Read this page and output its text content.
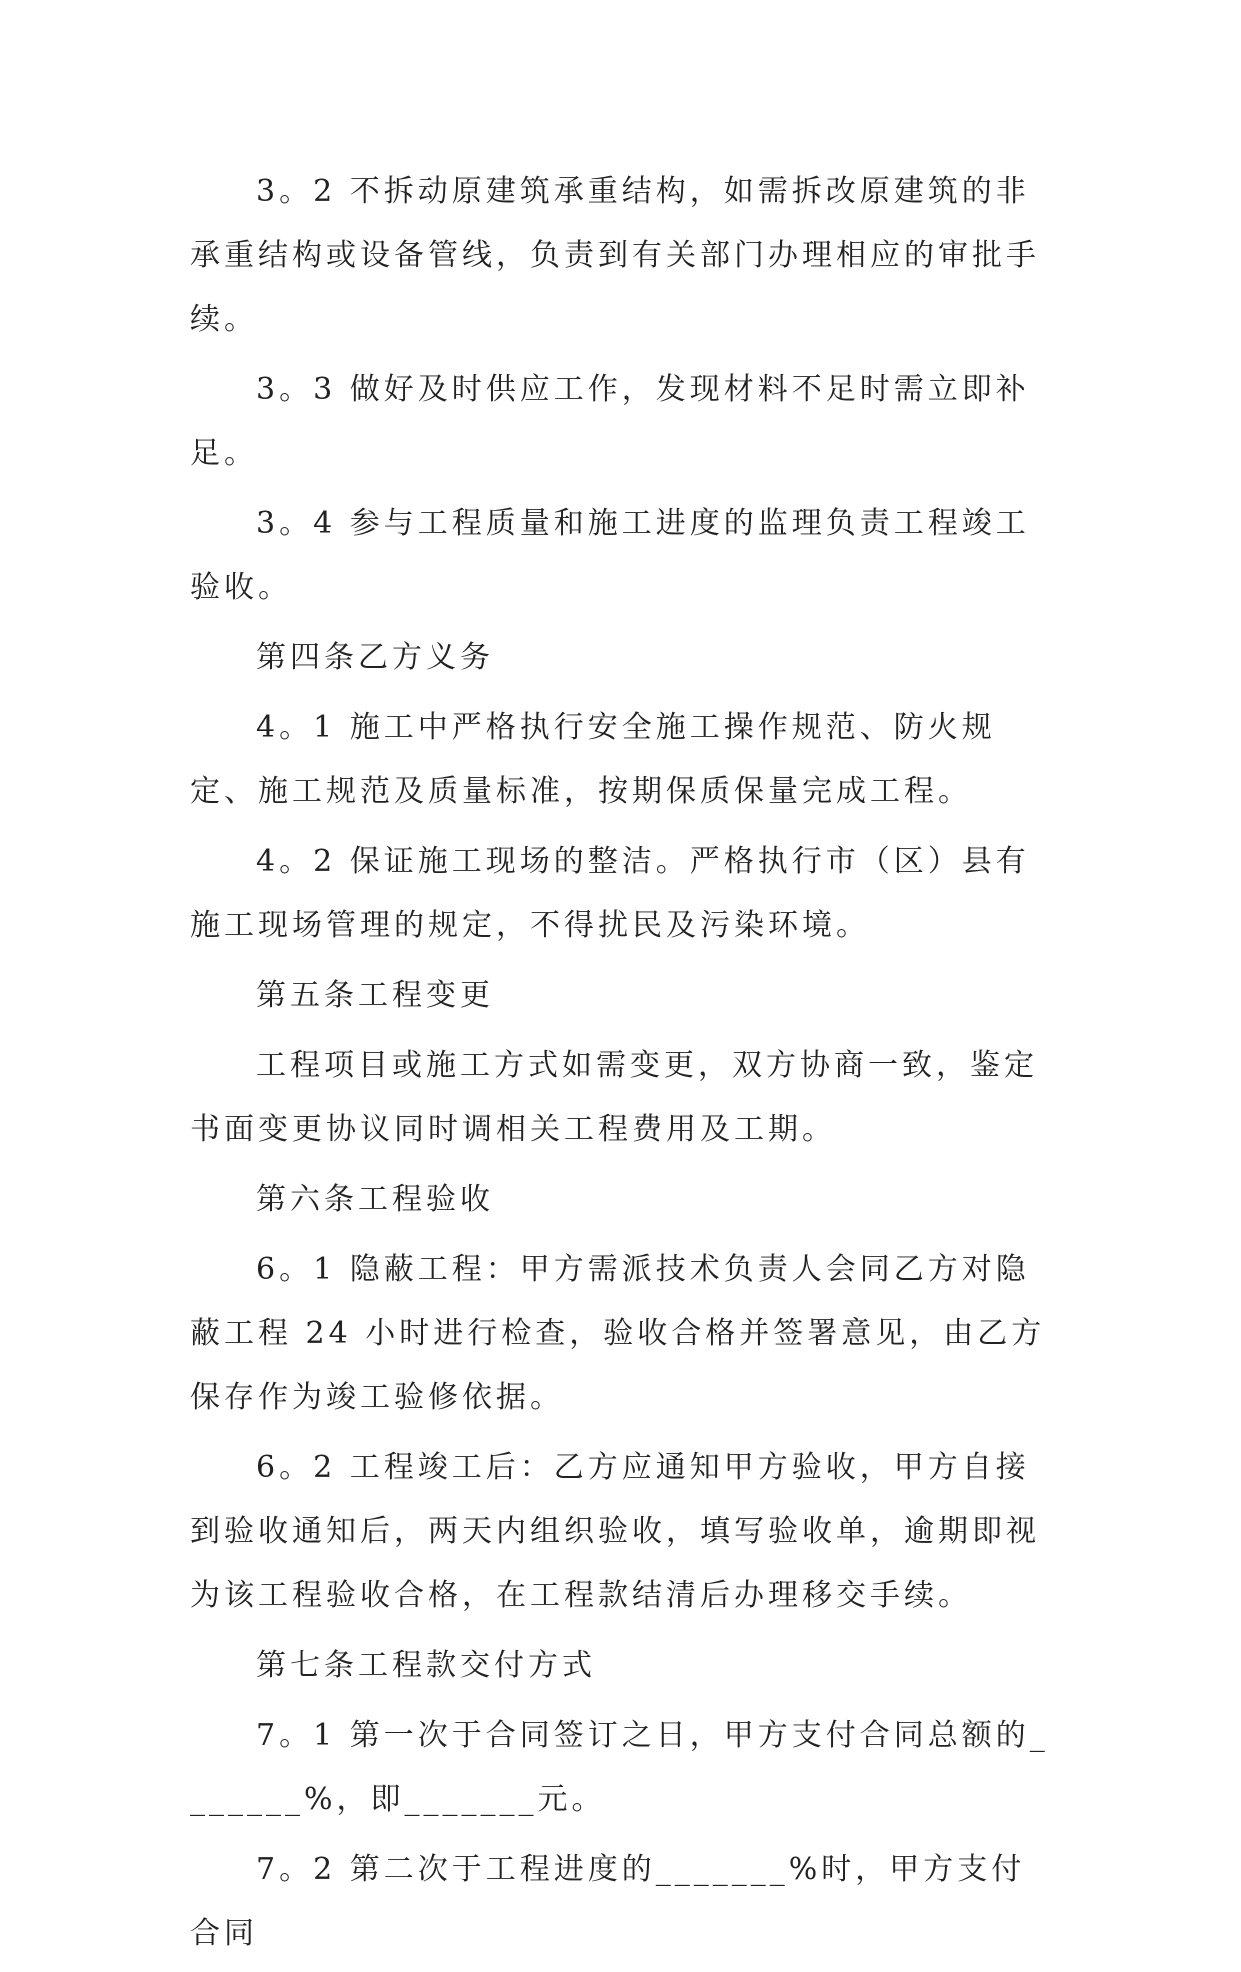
3。2 不拆动原建筑承重结构，如需拆改原建筑的非承重结构或设备管线，负责到有关部门办理相应的审批手续。

3。3 做好及时供应工作，发现材料不足时需立即补足。

3。4 参与工程质量和施工进度的监理负责工程竣工验收。

第四条乙方义务

4。1 施工中严格执行安全施工操作规范、防火规定、施工规范及质量标准，按期保质保量完成工程。

4。2 保证施工现场的整洁。严格执行市（区）县有施工现场管理的规定，不得扰民及污染环境。

第五条工程变更

工程项目或施工方式如需变更，双方协商一致，鉴定书面变更协议同时调相关工程费用及工期。

第六条工程验收

6。1 隐蔽工程：甲方需派技术负责人会同乙方对隐蔽工程 24 小时进行检查，验收合格并签署意见，由乙方保存作为竣工验修依据。

6。2 工程竣工后：乙方应通知甲方验收，甲方自接到验收通知后，两天内组织验收，填写验收单，逾期即视为该工程验收合格，在工程款结清后办理移交手续。

第七条工程款交付方式

7。1 第一次于合同签订之日，甲方支付合同总额的_______%，即_______元。

7。2 第二次于工程进度的_______%时，甲方支付合同
